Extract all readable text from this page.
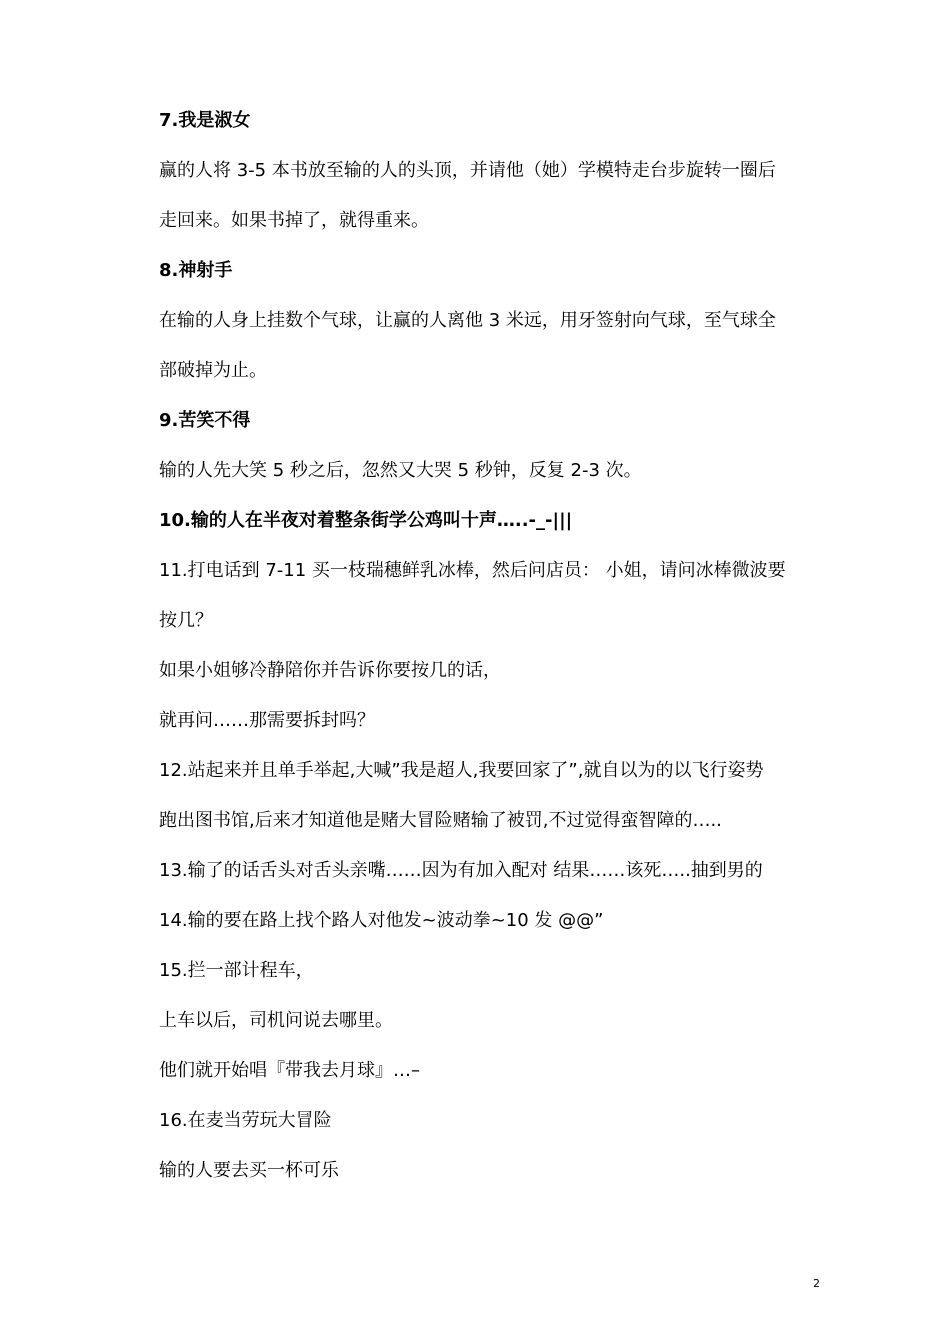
7.我是淑女
赢的人将 3-5 本书放至输的人的头顶，并请他（她）学模特走台步旋转一圈后
走回来。如果书掉了，就得重来。
8.神射手
在输的人身上挂数个气球，让赢的人离他 3 米远，用牙签射向气球，至气球全
部破掉为止。
9.苦笑不得
输的人先大笑 5 秒之后，忽然又大哭 5 秒钟，反复 2-3 次。
10.输的人在半夜对着整条街学公鸡叫十声…..-_-|||
11.打电话到 7-11 买一枝瑞穗鲜乳冰棒，然后问店员： 小姐，请问冰棒微波要
按几？
如果小姐够冷静陪你并告诉你要按几的话，
就再问……那需要拆封吗？
12.站起来并且单手举起,大喊”我是超人,我要回家了”,就自以为的以飞行姿势
跑出图书馆,后来才知道他是赌大冒险赌输了被罚,不过觉得蛮智障的…..
13.输了的话舌头对舌头亲嘴……因为有加入配对 结果……该死…..抽到男的
14.输的要在路上找个路人对他发~波动拳~10 发 @@”
15.拦一部计程车，
上车以后，司机问说去哪里。
他们就开始唱『带我去月球』…–
16.在麦当劳玩大冒险
输的人要去买一杯可乐
2
